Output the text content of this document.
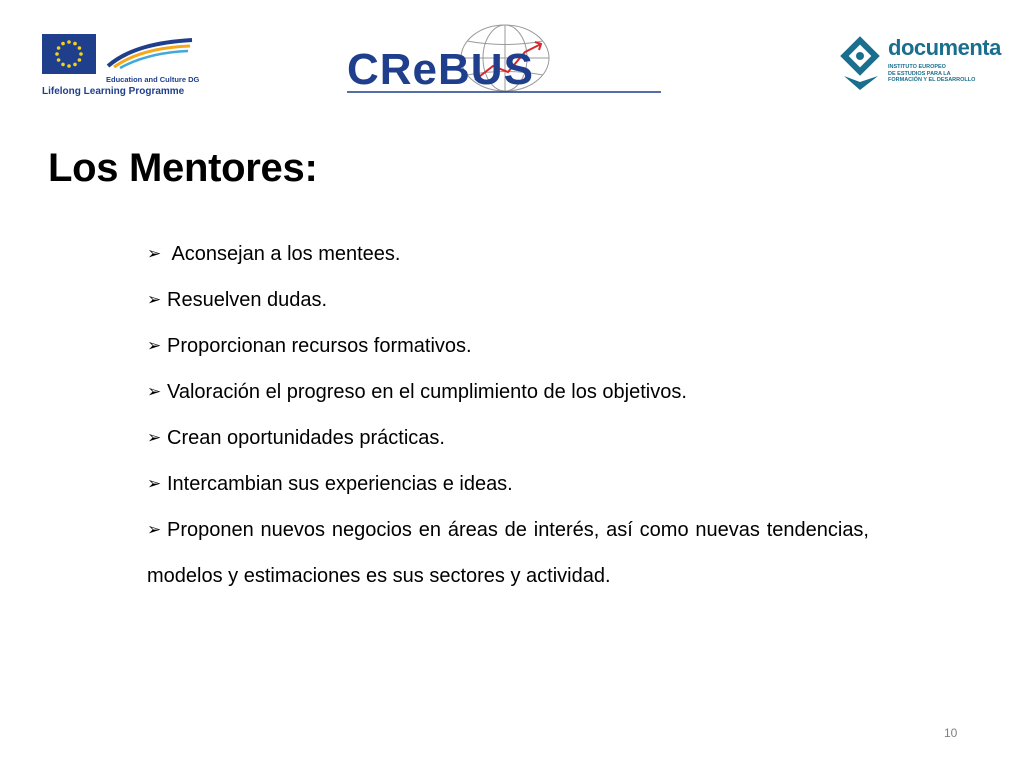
Education and Culture DG
Lifelong Learning Programme	CReBUS	documenta
INSTITUTO EUROPEO
DE ESTUDIOS PARA LA
FORMACIÓN Y EL DESARROLLO
Los Mentores:
➢ Aconsejan a los mentees.
➢ Resuelven dudas.
➢ Proporcionan recursos formativos.
➢ Valoración el progreso en el cumplimiento de los objetivos.
➢ Crean oportunidades prácticas.
➢ Intercambian sus experiencias e ideas.
➢ Proponen nuevos negocios en áreas de interés, así como nuevas tendencias, modelos y estimaciones es sus sectores y actividad.
10
